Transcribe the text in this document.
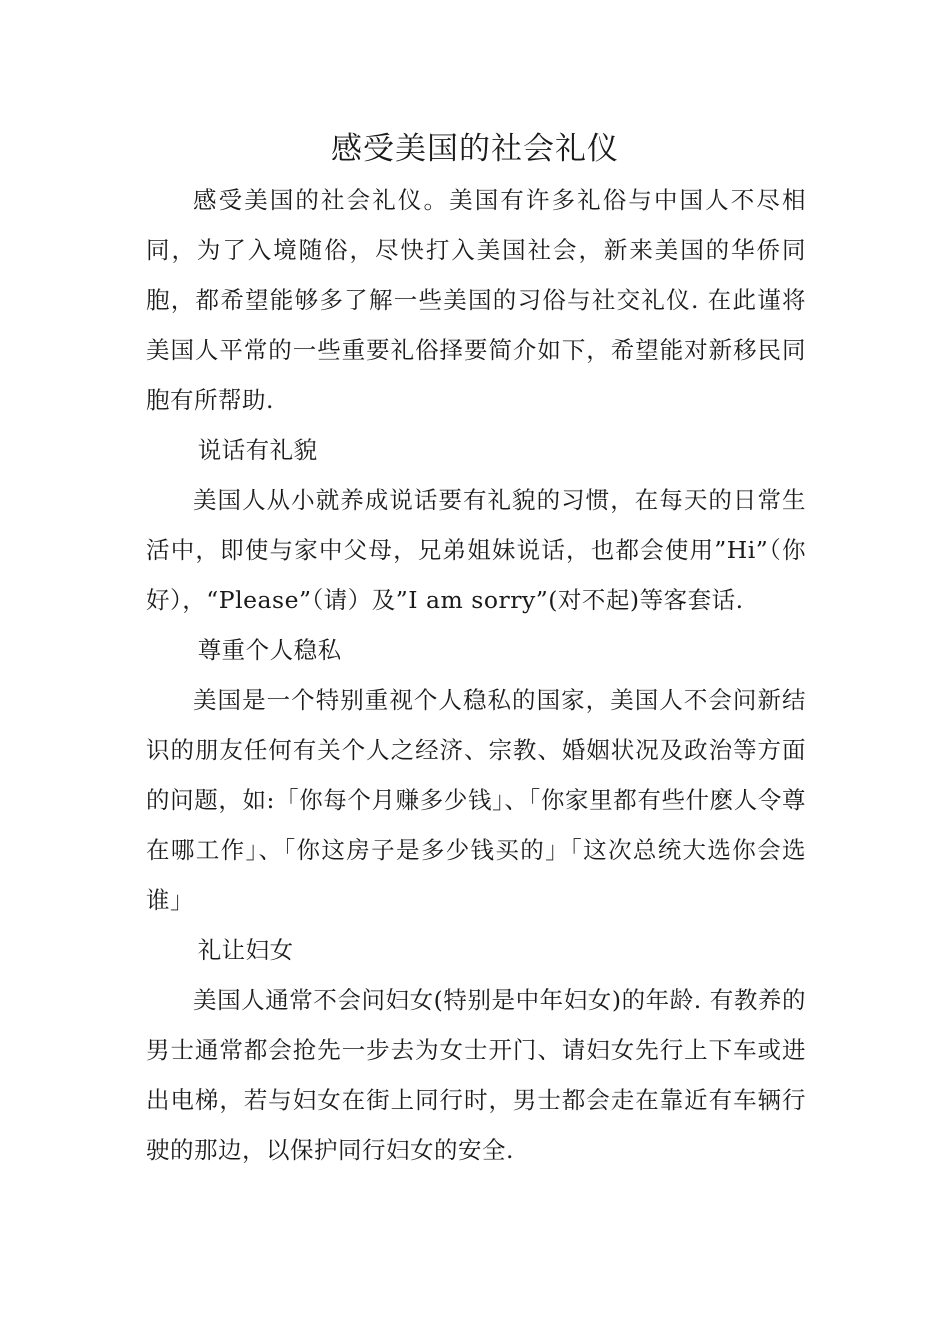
感受美国的社会礼仪

感受美国的社会礼仪。美国有许多礼俗与中国人不尽相同，为了入境随俗，尽快打入美国社会，新来美国的华侨同胞，都希望能够多了解一些美国的习俗与社交礼仪. 在此谨将美国人平常的一些重要礼俗择要简介如下，希望能对新移民同胞有所帮助.

说话有礼貌

美国人从小就养成说话要有礼貌的习惯，在每天的日常生活中，即使与家中父母，兄弟姐妹说话，也都会使用”Hi”（你好），“Please”（请）及”I am sorry”(对不起)等客套话.

尊重个人稳私

美国是一个特别重视个人稳私的国家，美国人不会问新结识的朋友任何有关个人之经济、宗教、婚姻状况及政治等方面的问题，如:「你每个月赚多少钱」、「你家里都有些什麽人令尊在哪工作」、「你这房子是多少钱买的」「这次总统大选你会选谁」

礼让妇女

美国人通常不会问妇女(特别是中年妇女)的年龄. 有教养的男士通常都会抢先一步去为女士开门、请妇女先行上下车或进出电梯，若与妇女在街上同行时，男士都会走在靠近有车辆行驶的那边，以保护同行妇女的安全.
